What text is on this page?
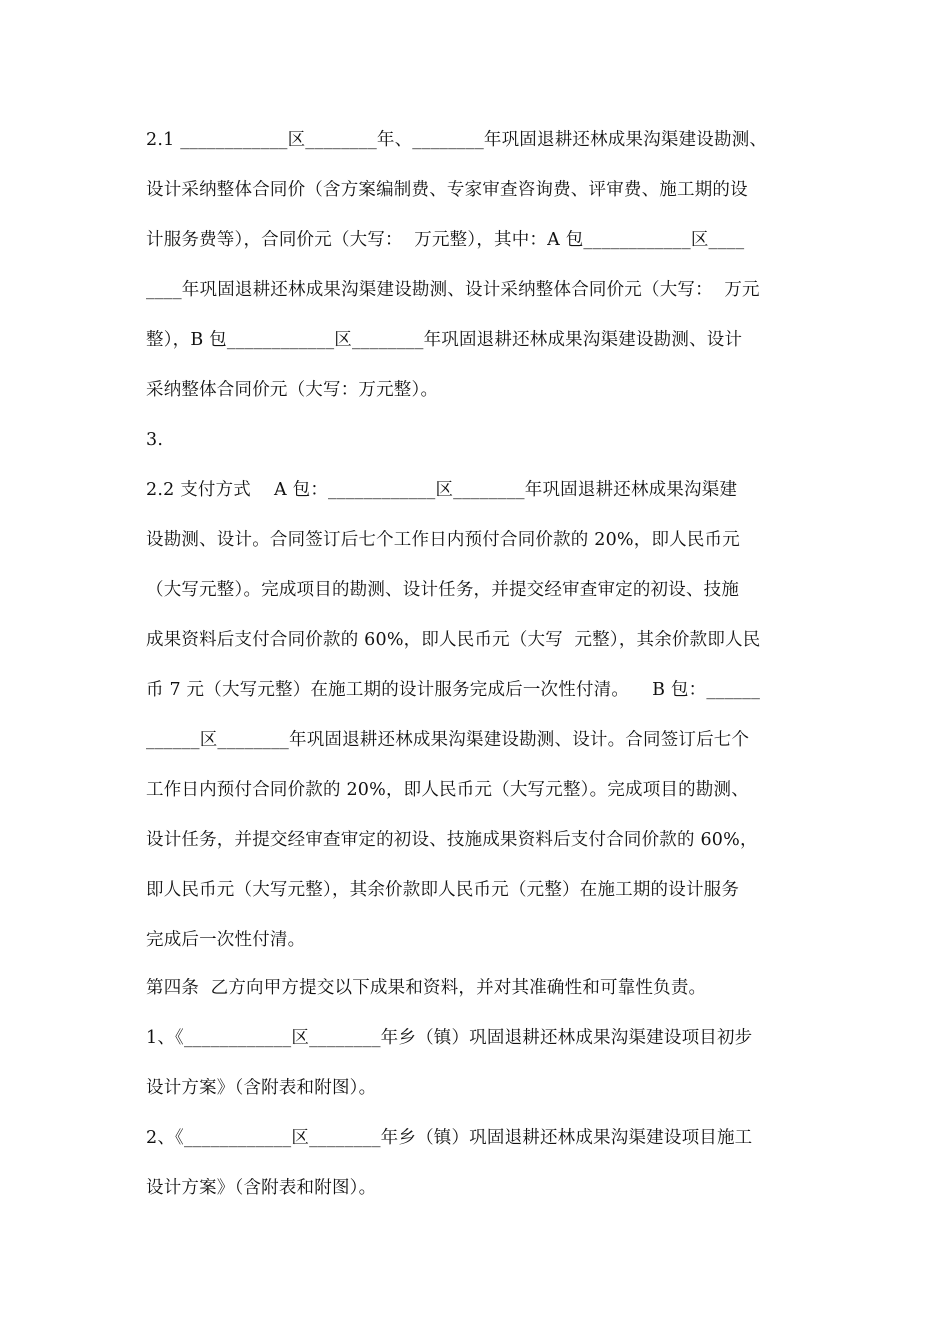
2.1 ____________区________年、________年巩固退耕还林成果沟渠建设勘测、
设计采纳整体合同价（含方案编制费、专家审查咨询费、评审费、施工期的设
计服务费等），合同价元（大写：  万元整），其中：A 包____________区____
____年巩固退耕还林成果沟渠建设勘测、设计采纳整体合同价元（大写：  万元
整），B 包____________区________年巩固退耕还林成果沟渠建设勘测、设计
采纳整体合同价元（大写：万元整）。
3.
2.2 支付方式    A 包：____________区________年巩固退耕还林成果沟渠建
设勘测、设计。合同签订后七个工作日内预付合同价款的 20%，即人民币元
（大写元整）。完成项目的勘测、设计任务，并提交经审查审定的初设、技施
成果资料后支付合同价款的 60%，即人民币元（大写  元整），其余价款即人民
币 7 元（大写元整）在施工期的设计服务完成后一次性付清。    B 包：______
______区________年巩固退耕还林成果沟渠建设勘测、设计。合同签订后七个
工作日内预付合同价款的 20%，即人民币元（大写元整）。完成项目的勘测、
设计任务，并提交经审查审定的初设、技施成果资料后支付合同价款的 60%，
即人民币元（大写元整），其余价款即人民币元（元整）在施工期的设计服务
完成后一次性付清。
第四条  乙方向甲方提交以下成果和资料，并对其准确性和可靠性负责。
1、《____________区________年乡（镇）巩固退耕还林成果沟渠建设项目初步
设计方案》（含附表和附图）。
2、《____________区________年乡（镇）巩固退耕还林成果沟渠建设项目施工
设计方案》（含附表和附图）。
